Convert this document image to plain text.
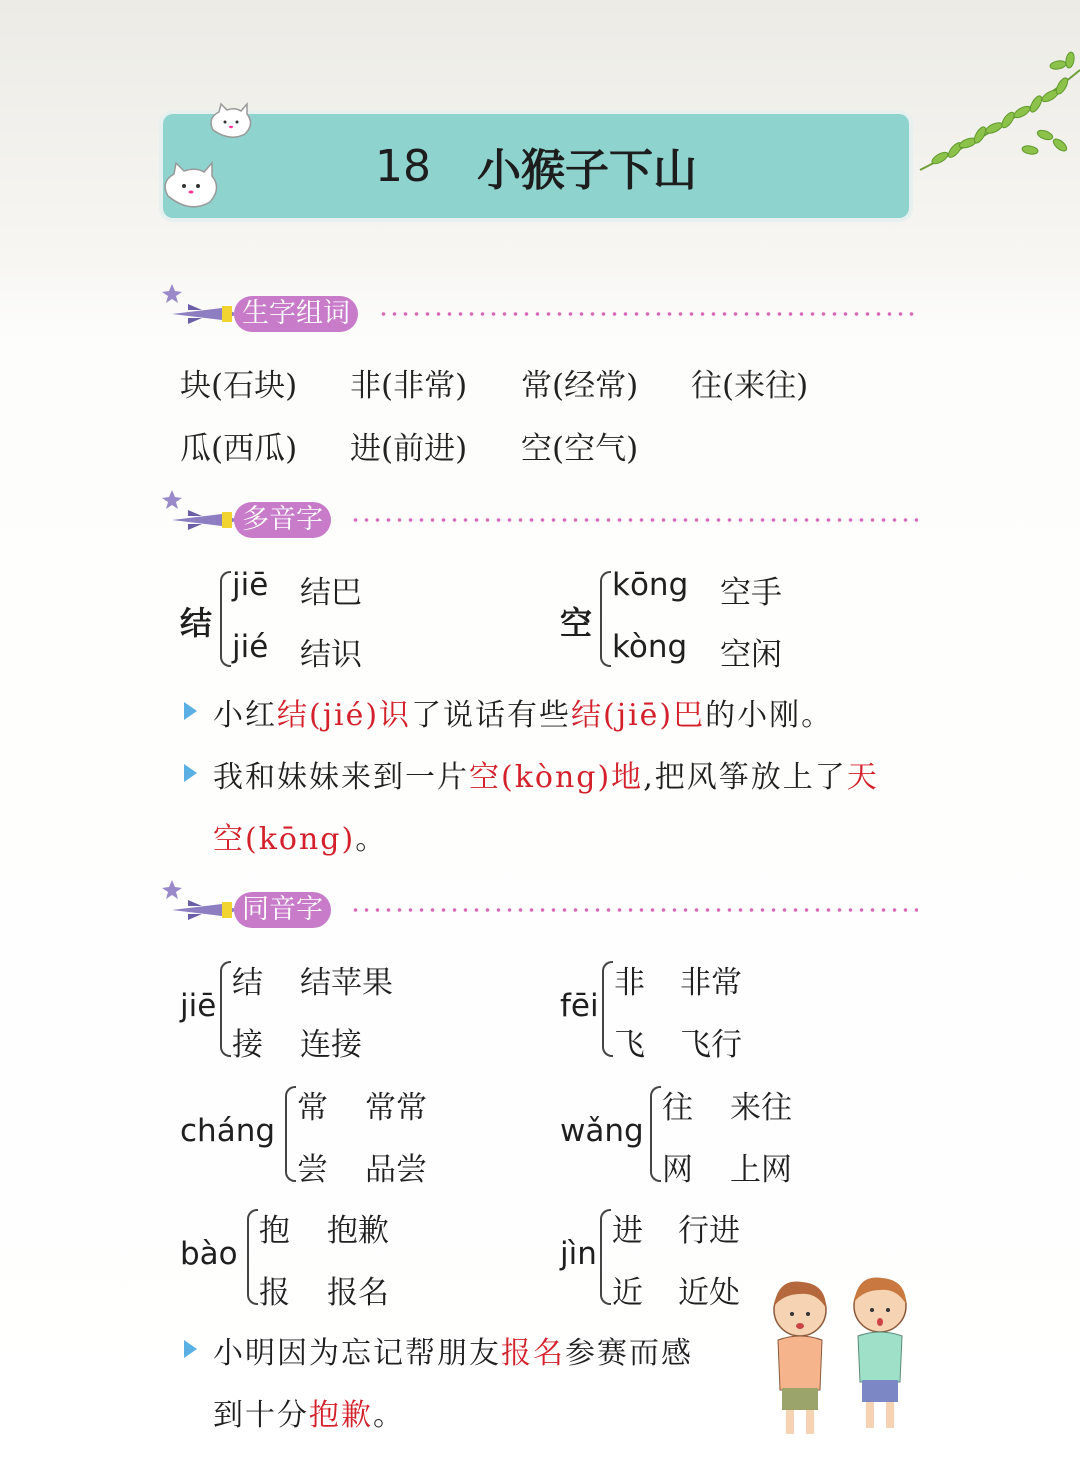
18 小猴子下山
生字组词
块(石块) 非(非常) 常(经常) 往(来往)
瓜(西瓜) 进(前进) 空(空气)
多音字
结
jiē 结巴
jié 结识
空
kōng 空手
kòng 空闲
小红结(jié)识了说话有些结(jiē)巴的小刚。
我和妹妹来到一片空(kòng)地,把风筝放上了天
空(kōng)。
同音字
jiē
结 结苹果
接 连接
fēi
非 非常
飞 飞行
cháng
常 常常
尝 品尝
wǎng
往 来往
网 上网
bào
抱 抱歉
报 报名
jìn
进 行进
近 近处
小明因为忘记帮朋友报名参赛而感
到十分抱歉。
